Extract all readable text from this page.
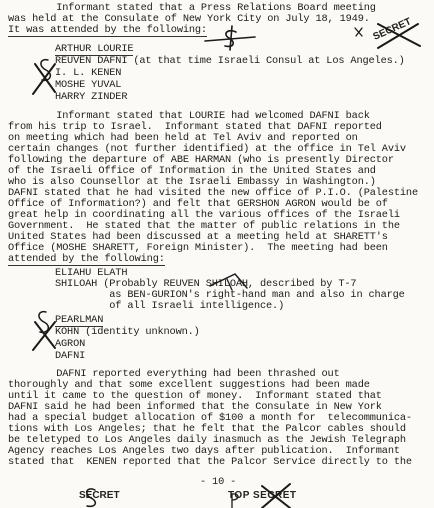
Informant stated that a Press Relations Board meeting
was held at the Consulate of New York City on July 18, 1949.
It was attended by the following:
ARTHUR LOURIE
REUVEN DAFNI (at that time Israeli Consul at Los Angeles.)
I. L. KENEN
MOSHE YUVAL
HARRY ZINDER
Informant stated that LOURIE had welcomed DAFNI back
from his trip to Israel.  Informant stated that DAFNI reported
on meeting which had been held at Tel Aviv and reported on
certain changes (not further identified) at the office in Tel Aviv
following the departure of ABE HARMAN (who is presently Director
of the Israeli Office of Information in the United States and
who is also Counsellor at the Israeli Embassy in Washington.)
DAFNI stated that he had visited the new office of P.I.O. (Palestine
Office of Information?) and felt that GERSHON AGRON would be of
great help in coordinating all the various offices of the Israeli
Government.  He stated that the matter of public relations in the
United States had been discussed at a meeting held at SHARETT's
Office (MOSHE SHARETT, Foreign Minister).  The meeting had been
attended by the following:
ELIAHU ELATH
SHILOAH (Probably REUVEN SHILOAH, described by T-7
as BEN-GURION's right-hand man and also in charge
of all Israeli intelligence.)
PEARLMAN
KOHN (identity unknown.)
AGRON
DAFNI
DAFNI reported everything had been thrashed out
thoroughly and that some excellent suggestions had been made
until it came to the question of money.  Informant stated that
DAFNI said he had been informed that the Consulate in New York
had a special budget allocation of $100 a month for  telecommunica-
tions with Los Angeles; that he felt that the Palcor cables should
be teletyped to Los Angeles daily inasmuch as the Jewish Telegraph
Agency reaches Los Angeles two days after publication.  Informant
stated that  KENEN reported that the Palcor Service directly to the
- 10 -
SECRET
SECRET	TOP SECRET
